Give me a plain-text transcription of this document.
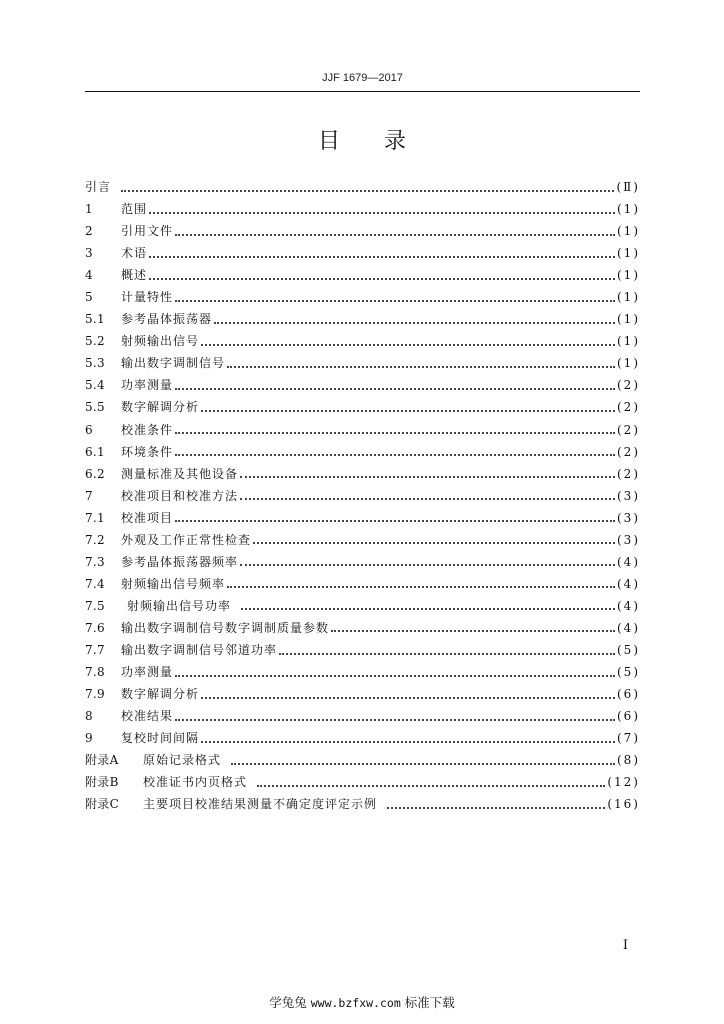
JJF 1679—2017
目 录
引言	(Ⅱ)
1	范围	(1)
2	引用文件	(1)
3	术语	(1)
4	概述	(1)
5	计量特性	(1)
5.1	参考晶体振荡器	(1)
5.2	射频输出信号	(1)
5.3	输出数字调制信号	(1)
5.4	功率测量	(2)
5.5	数字解调分析	(2)
6	校准条件	(2)
6.1	环境条件	(2)
6.2	测量标准及其他设备	(2)
7	校准项目和校准方法	(3)
7.1	校准项目	(3)
7.2	外观及工作正常性检查	(3)
7.3	参考晶体振荡器频率	(4)
7.4	射频输出信号频率	(4)
7.5	射频输出信号功率	(4)
7.6	输出数字调制信号数字调制质量参数	(4)
7.7	输出数字调制信号邻道功率	(5)
7.8	功率测量	(5)
7.9	数字解调分析	(6)
8	校准结果	(6)
9	复校时间间隔	(7)
附录A	原始记录格式	(8)
附录B	校准证书内页格式	(12)
附录C	主要项目校准结果测量不确定度评定示例	(16)
I
学兔兔 www.bzfxw.com 标准下载
